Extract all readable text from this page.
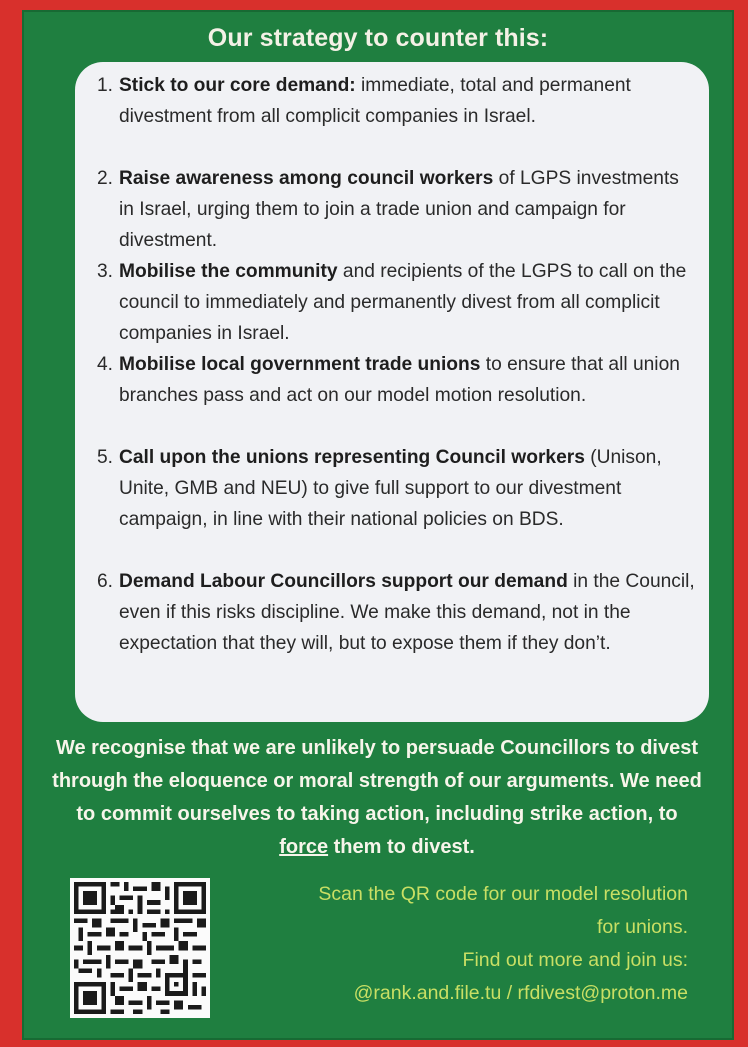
Our strategy to counter this:
1. Stick to our core demand: immediate, total and permanent divestment from all complicit companies in Israel.
2. Raise awareness among council workers of LGPS investments in Israel, urging them to join a trade union and campaign for divestment.
3. Mobilise the community and recipients of the LGPS to call on the council to immediately and permanently divest from all complicit companies in Israel.
4. Mobilise local government trade unions to ensure that all union branches pass and act on our model motion resolution.
5. Call upon the unions representing Council workers (Unison, Unite, GMB and NEU) to give full support to our divestment campaign, in line with their national policies on BDS.
6. Demand Labour Councillors support our demand in the Council, even if this risks discipline. We make this demand, not in the expectation that they will, but to expose them if they don’t.
We recognise that we are unlikely to persuade Councillors to divest through the eloquence or moral strength of our arguments. We need to commit ourselves to taking action, including strike action, to force them to divest.
Scan the QR code for our model resolution
for unions.
Find out more and join us:
@rank.and.file.tu / rfdivest@proton.me
